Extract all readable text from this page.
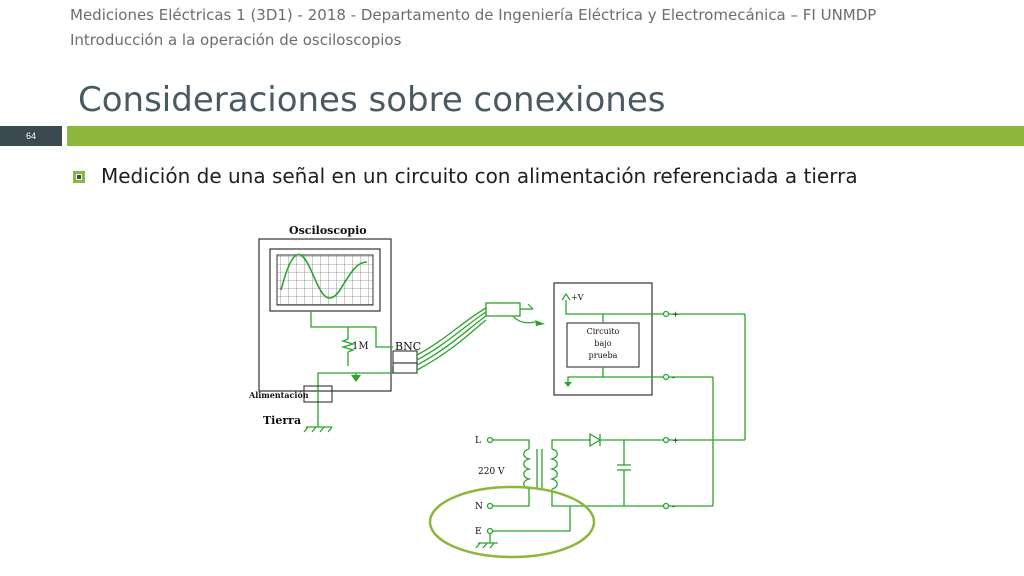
Mediciones Eléctricas 1 (3D1) - 2018 - Departamento de Ingeniería Eléctrica y Electromecánica – FI UNMDP
Introducción a la operación de osciloscopios
Consideraciones sobre conexiones
64
Medición de una señal en un circuito con alimentación referenciada a tierra
Osciloscopio
1M BNC
Alimentación
Tierra
Circuito
bajo
prueba
+V
+
-
L
220 V
N
E
+
-
